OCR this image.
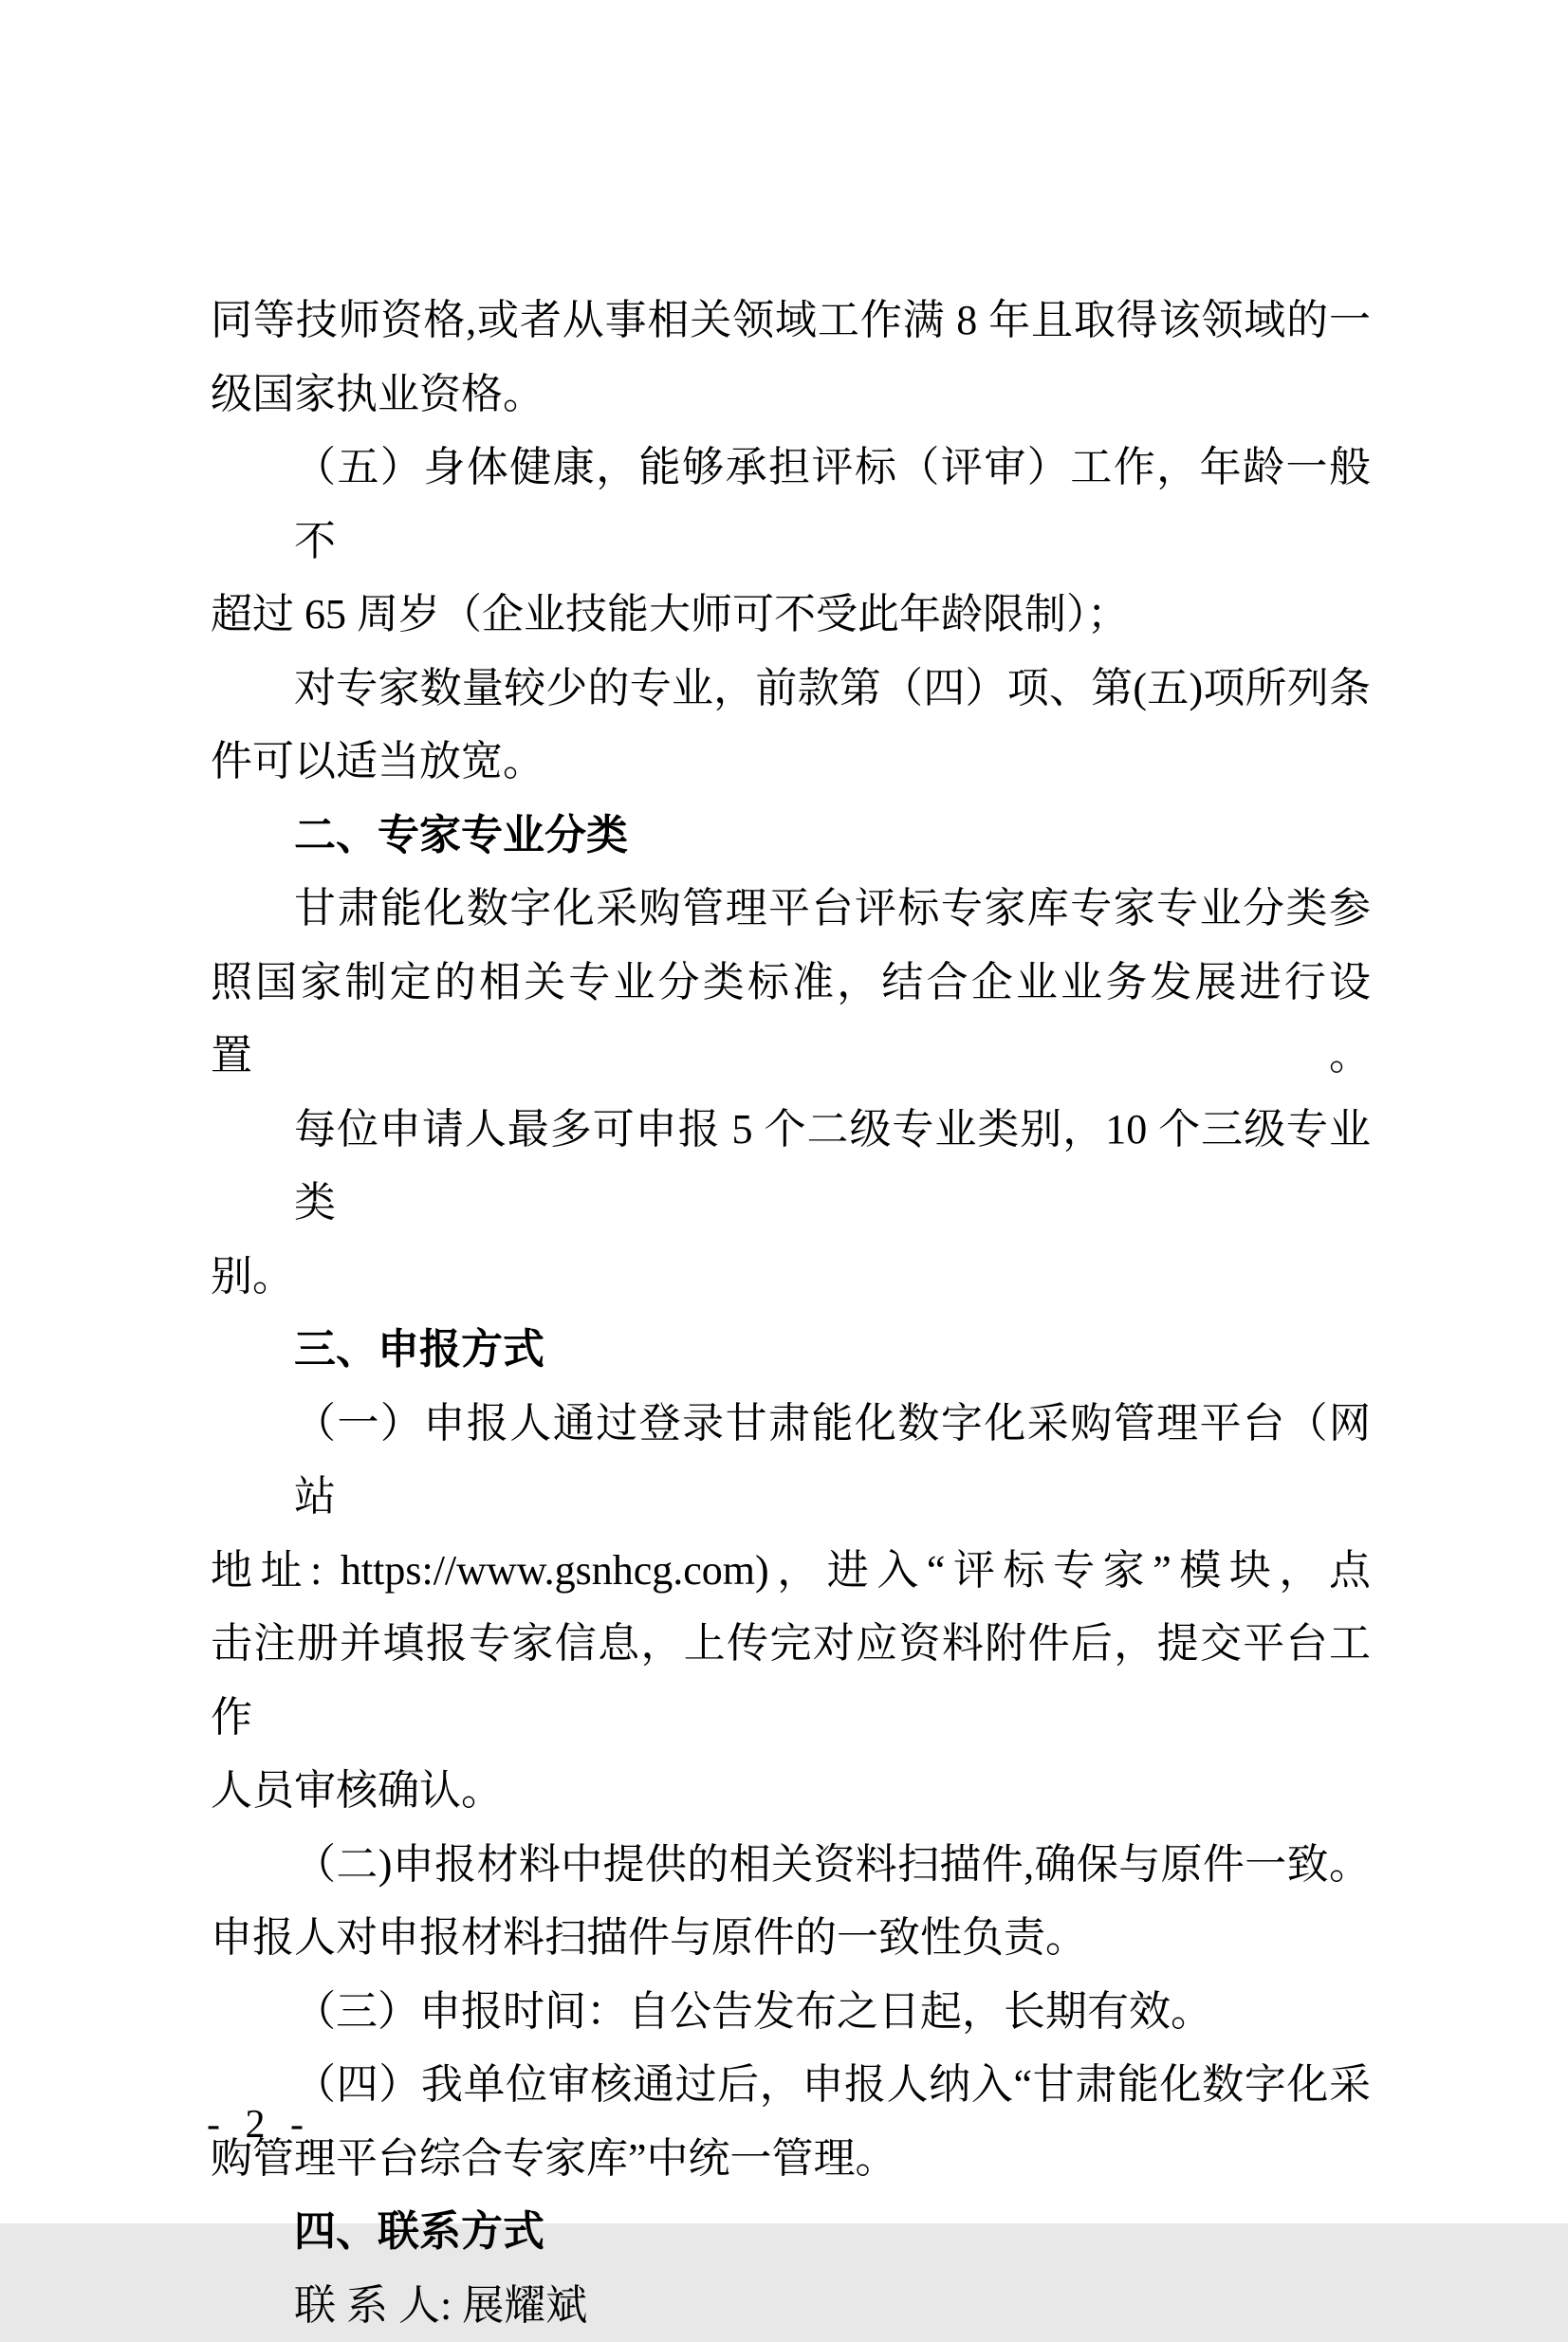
同等技师资格,或者从事相关领域工作满 8 年且取得该领域的一
级国家执业资格。
（五）身体健康，能够承担评标（评审）工作，年龄一般不
超过 65 周岁（企业技能大师可不受此年龄限制）；
对专家数量较少的专业，前款第（四）项、第(五)项所列条
件可以适当放宽。
二、专家专业分类
甘肃能化数字化采购管理平台评标专家库专家专业分类参
照国家制定的相关专业分类标准，结合企业业务发展进行设置。
每位申请人最多可申报 5 个二级专业类别，10 个三级专业类
别。
三、申报方式
（一）申报人通过登录甘肃能化数字化采购管理平台（网站
地址: https://www.gsnhcg.com)，进入“评标专家”模块，点
击注册并填报专家信息，上传完对应资料附件后，提交平台工作
人员审核确认。
（二)申报材料中提供的相关资料扫描件,确保与原件一致。
申报人对申报材料扫描件与原件的一致性负责。
（三）申报时间：自公告发布之日起，长期有效。
（四）我单位审核通过后，申报人纳入“甘肃能化数字化采
购管理平台综合专家库”中统一管理。
四、联系方式
联 系 人: 展耀斌
- 2 -
